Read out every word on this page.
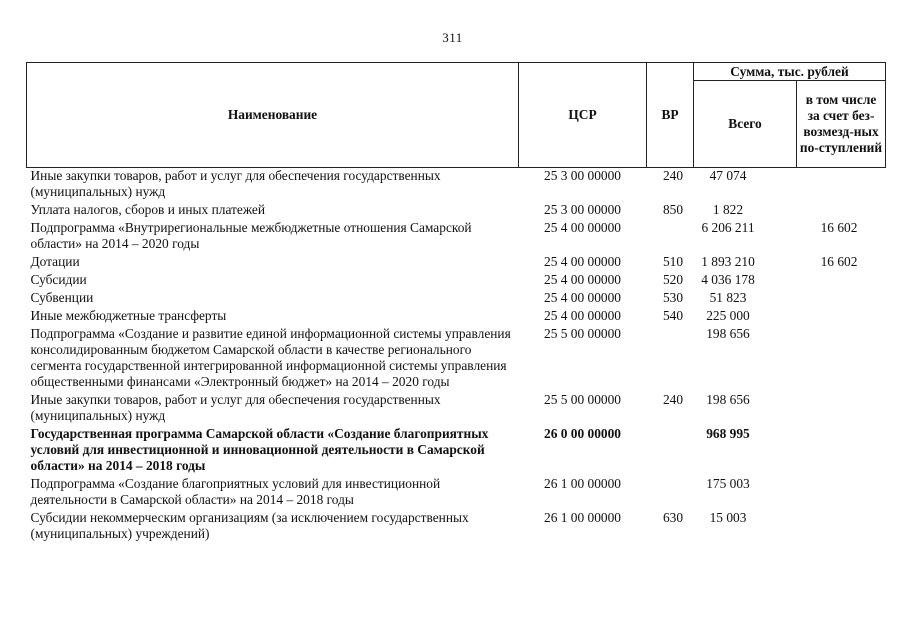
311
Наименование	ЦСР	ВР	Сумма, тыс. рублей	
			Всего	в том числе за счет без-возмезд-ных по-ступлений
Иные закупки товаров, работ и услуг для обеспечения государственных (муниципальных) нужд	25 3 00 00000	240	47 074	
Уплата налогов, сборов и иных платежей	25 3 00 00000	850	1 822	
Подпрограмма «Внутрирегиональные межбюджетные отношения Самарской области» на 2014 – 2020 годы	25 4 00 00000		6 206 211	16 602
Дотации	25 4 00 00000	510	1 893 210	16 602
Субсидии	25 4 00 00000	520	4 036 178	
Субвенции	25 4 00 00000	530	51 823	
Иные межбюджетные трансферты	25 4 00 00000	540	225 000	
Подпрограмма «Создание и развитие единой информационной системы управления консолидированным бюджетом Самарской области в качестве регионального сегмента государственной интегрированной информационной системы управления общественными финансами «Электронный бюджет» на 2014 – 2020 годы	25 5 00 00000		198 656	
Иные закупки товаров, работ и услуг для обеспечения государственных (муниципальных) нужд	25 5 00 00000	240	198 656	
Государственная программа Самарской области «Создание благоприятных условий для инвестиционной и инновационной деятельности в Самарской области» на 2014 – 2018 годы	26 0 00 00000		968 995	
Подпрограмма «Создание благоприятных условий для инвестиционной деятельности в Самарской области» на 2014 – 2018 годы	26 1 00 00000		175 003	
Субсидии некоммерческим организациям (за исключением государственных (муниципальных) учреждений)	26 1 00 00000	630	15 003	
